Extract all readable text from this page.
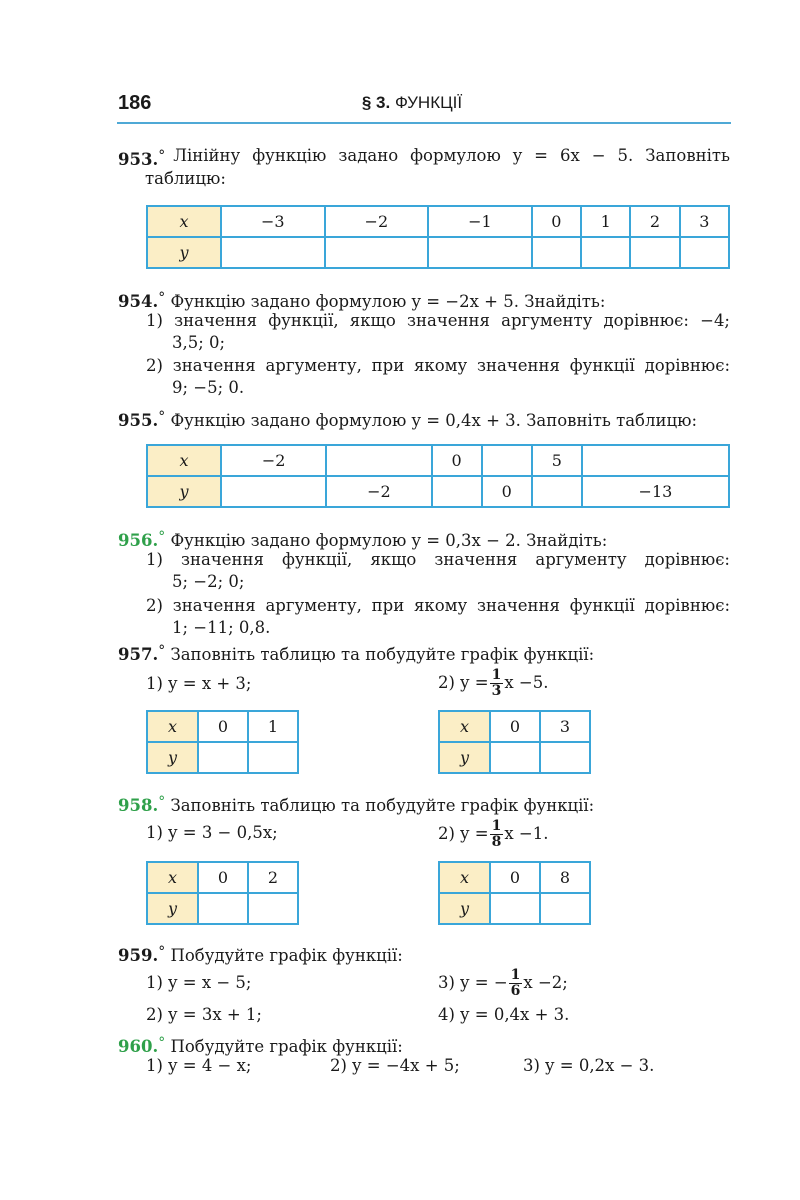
186	§ 3. ФУНКЦІЇ
953.° Лінійну функцію задано формулою y = 6x − 5. Заповніть
таблицю:
x	−3	−2	−1	0	1	2	3
y							
954.° Функцію задано формулою y = −2x + 5. Знайдіть:
1) значення функції, якщо значення аргументу дорівнює: −4;
3,5; 0;
2) значення аргументу, при якому значення функції дорівнює:
9; −5; 0.
955.° Функцію задано формулою y = 0,4x + 3. Заповніть таблицю:
x	−2		0		5	
y		−2		0		−13
956.° Функцію задано формулою y = 0,3x − 2. Знайдіть:
1) значення функції, якщо значення аргументу дорівнює:
5; −2; 0;
2) значення аргументу, при якому значення функції дорівнює:
1; −11; 0,8.
957.° Заповніть таблицю та побудуйте графік функції:
1) y = x + 3;	2) $y = \frac{1}{3}$ x −5.
x	0	1
y		
x	0	3
y		
958.° Заповніть таблицю та побудуйте графік функції:
1) y = 3 − 0,5x;	2) $y = \frac{1}{8}$ x −1.
x	0	2
y		
x	0	8
y		
959.° Побудуйте графік функції:
1) y = x − 5;	3) y = − $\frac{1}{6}$ x −2;
2) y = 3x + 1;	4) y = 0,4x + 3.
960.° Побудуйте графік функції:
1) y = 4 − x;	2) y = −4x + 5;	3) y = 0,2x − 3.
